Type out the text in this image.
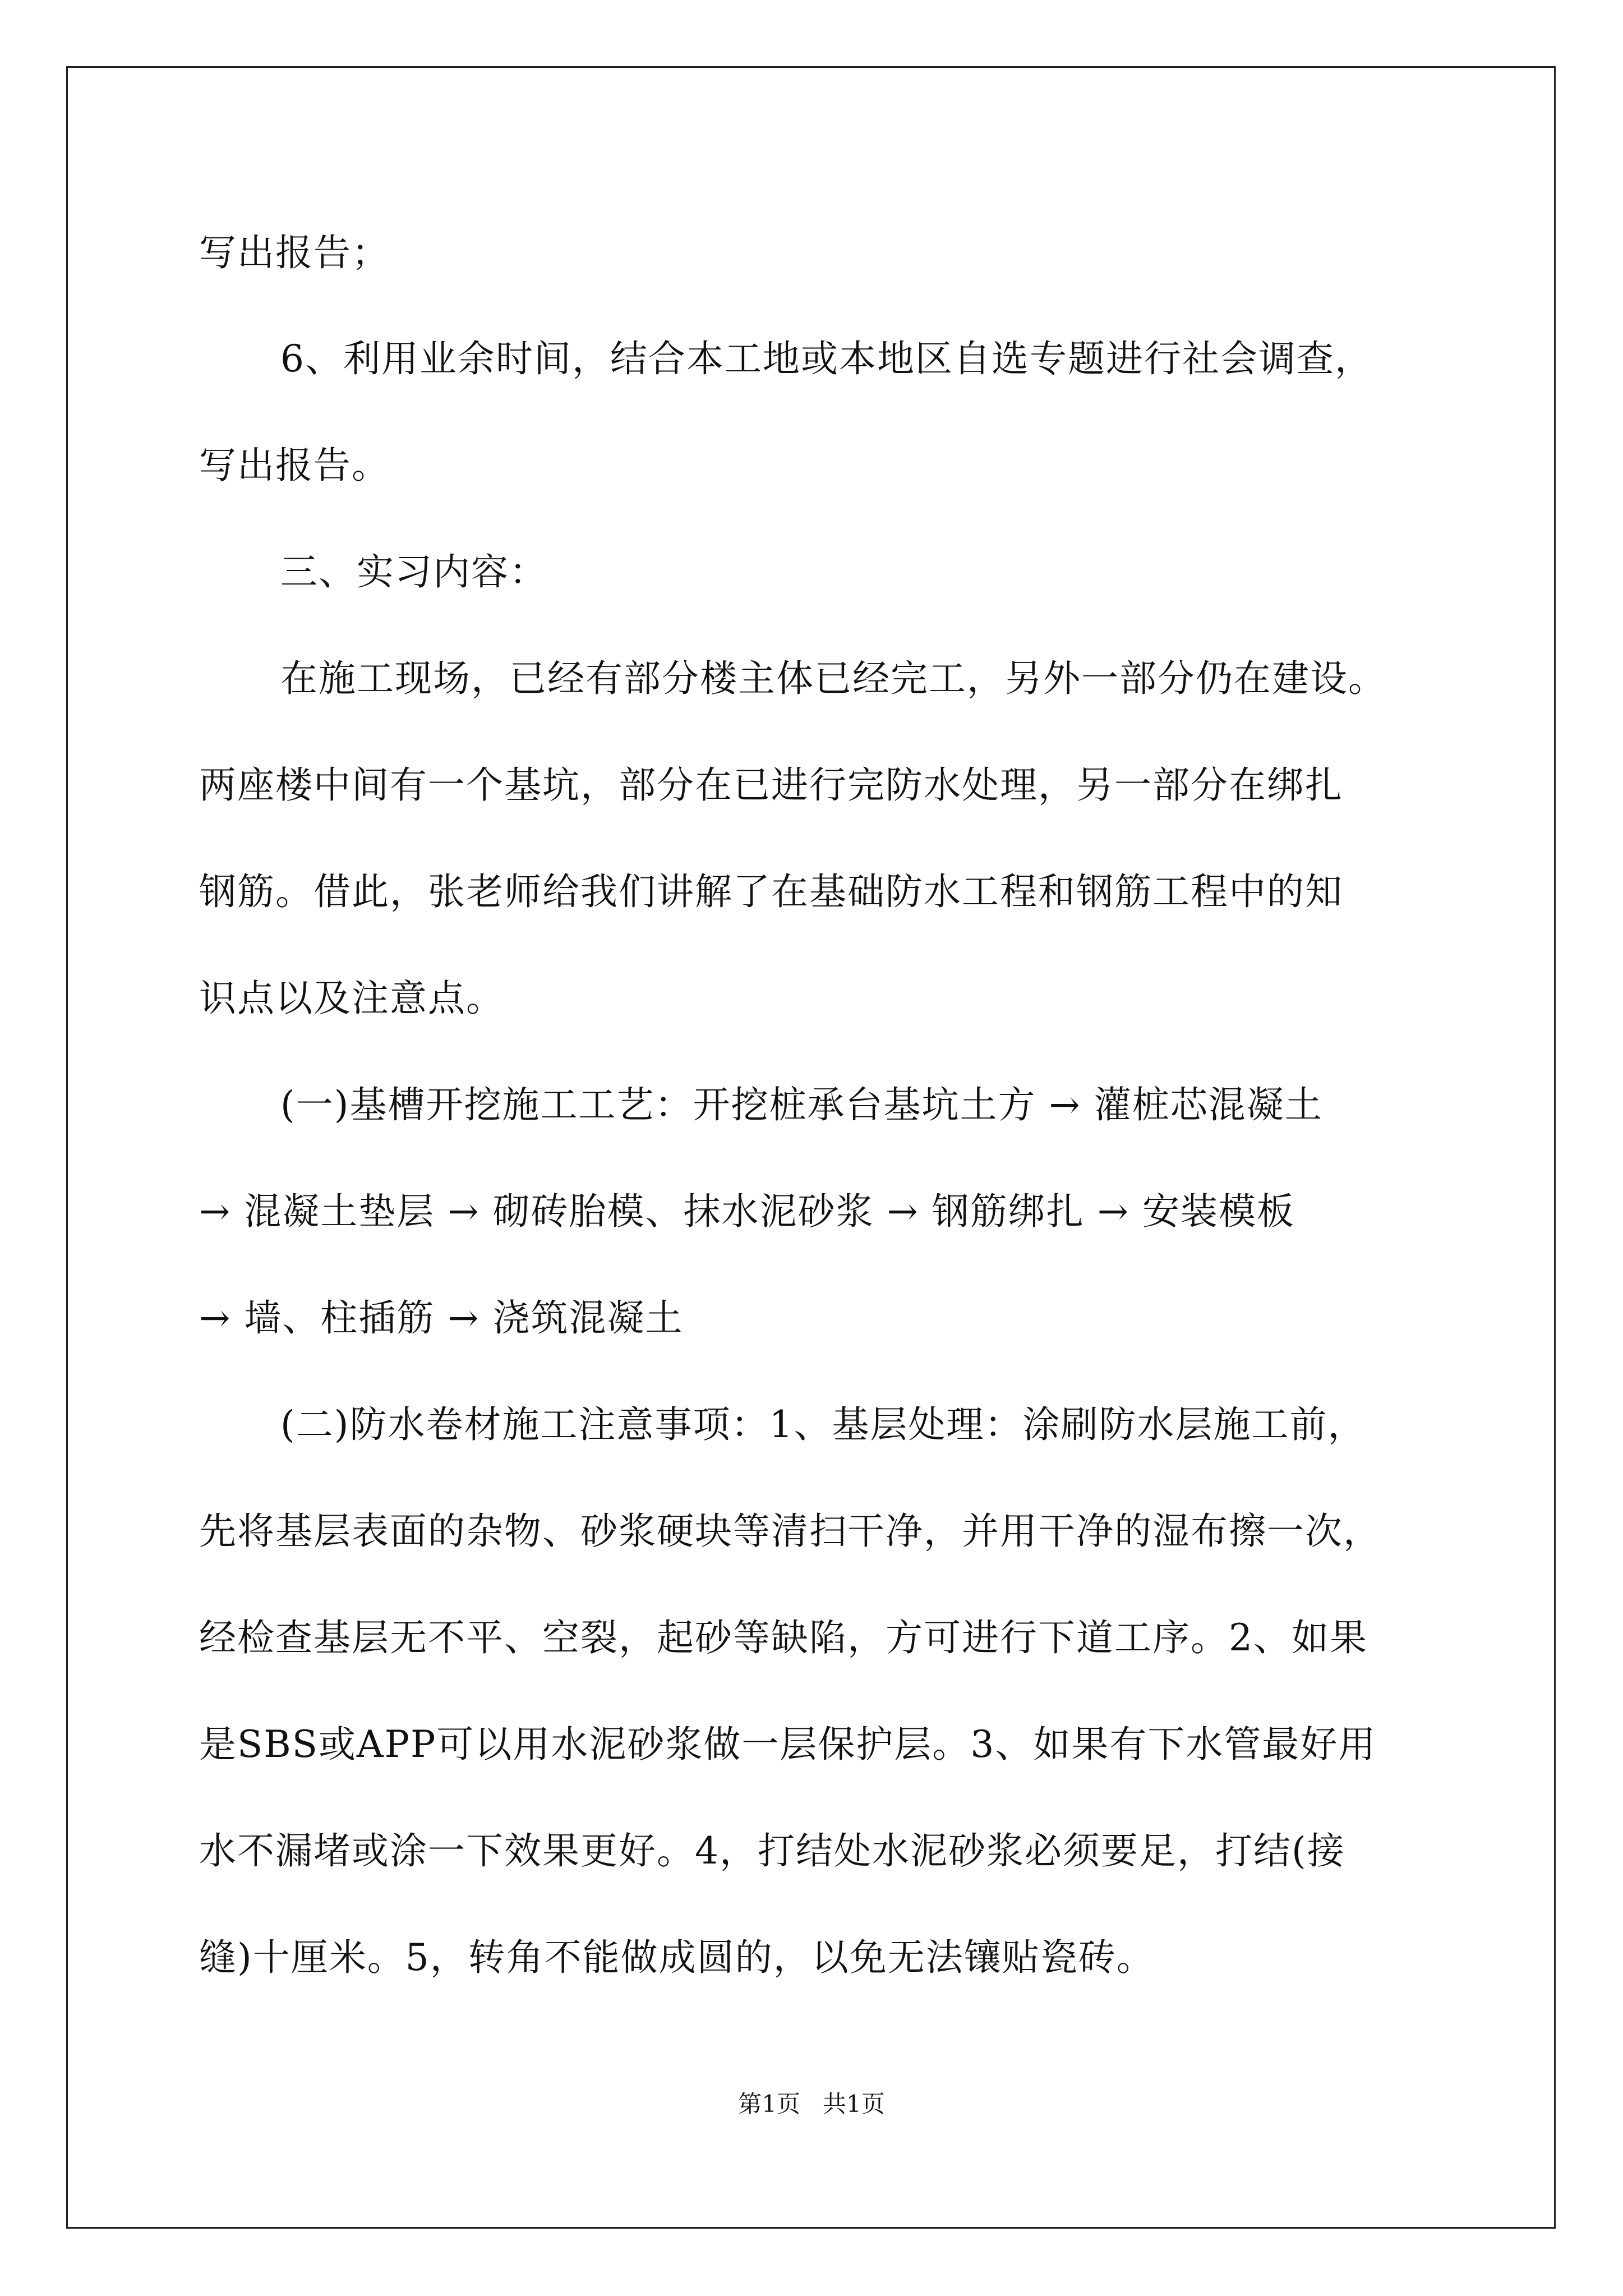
写出报告；
6、利用业余时间，结合本工地或本地区自选专题进行社会调查，
写出报告。
三、实习内容：
在施工现场，已经有部分楼主体已经完工，另外一部分仍在建设。
两座楼中间有一个基坑，部分在已进行完防水处理，另一部分在绑扎
钢筋。借此，张老师给我们讲解了在基础防水工程和钢筋工程中的知
识点以及注意点。
(一)基槽开挖施工工艺：开挖桩承台基坑土方 → 灌桩芯混凝土
→ 混凝土垫层 → 砌砖胎模、抹水泥砂浆 → 钢筋绑扎 → 安装模板
→ 墙、柱插筋 → 浇筑混凝土
(二)防水卷材施工注意事项：1、基层处理：涂刷防水层施工前，
先将基层表面的杂物、砂浆硬块等清扫干净，并用干净的湿布擦一次，
经检查基层无不平、空裂，起砂等缺陷，方可进行下道工序。2、如果
是SBS或APP可以用水泥砂浆做一层保护层。3、如果有下水管最好用
水不漏堵或涂一下效果更好。4，打结处水泥砂浆必须要足，打结(接
缝)十厘米。5，转角不能做成圆的，以免无法镶贴瓷砖。
第1页   共1页
